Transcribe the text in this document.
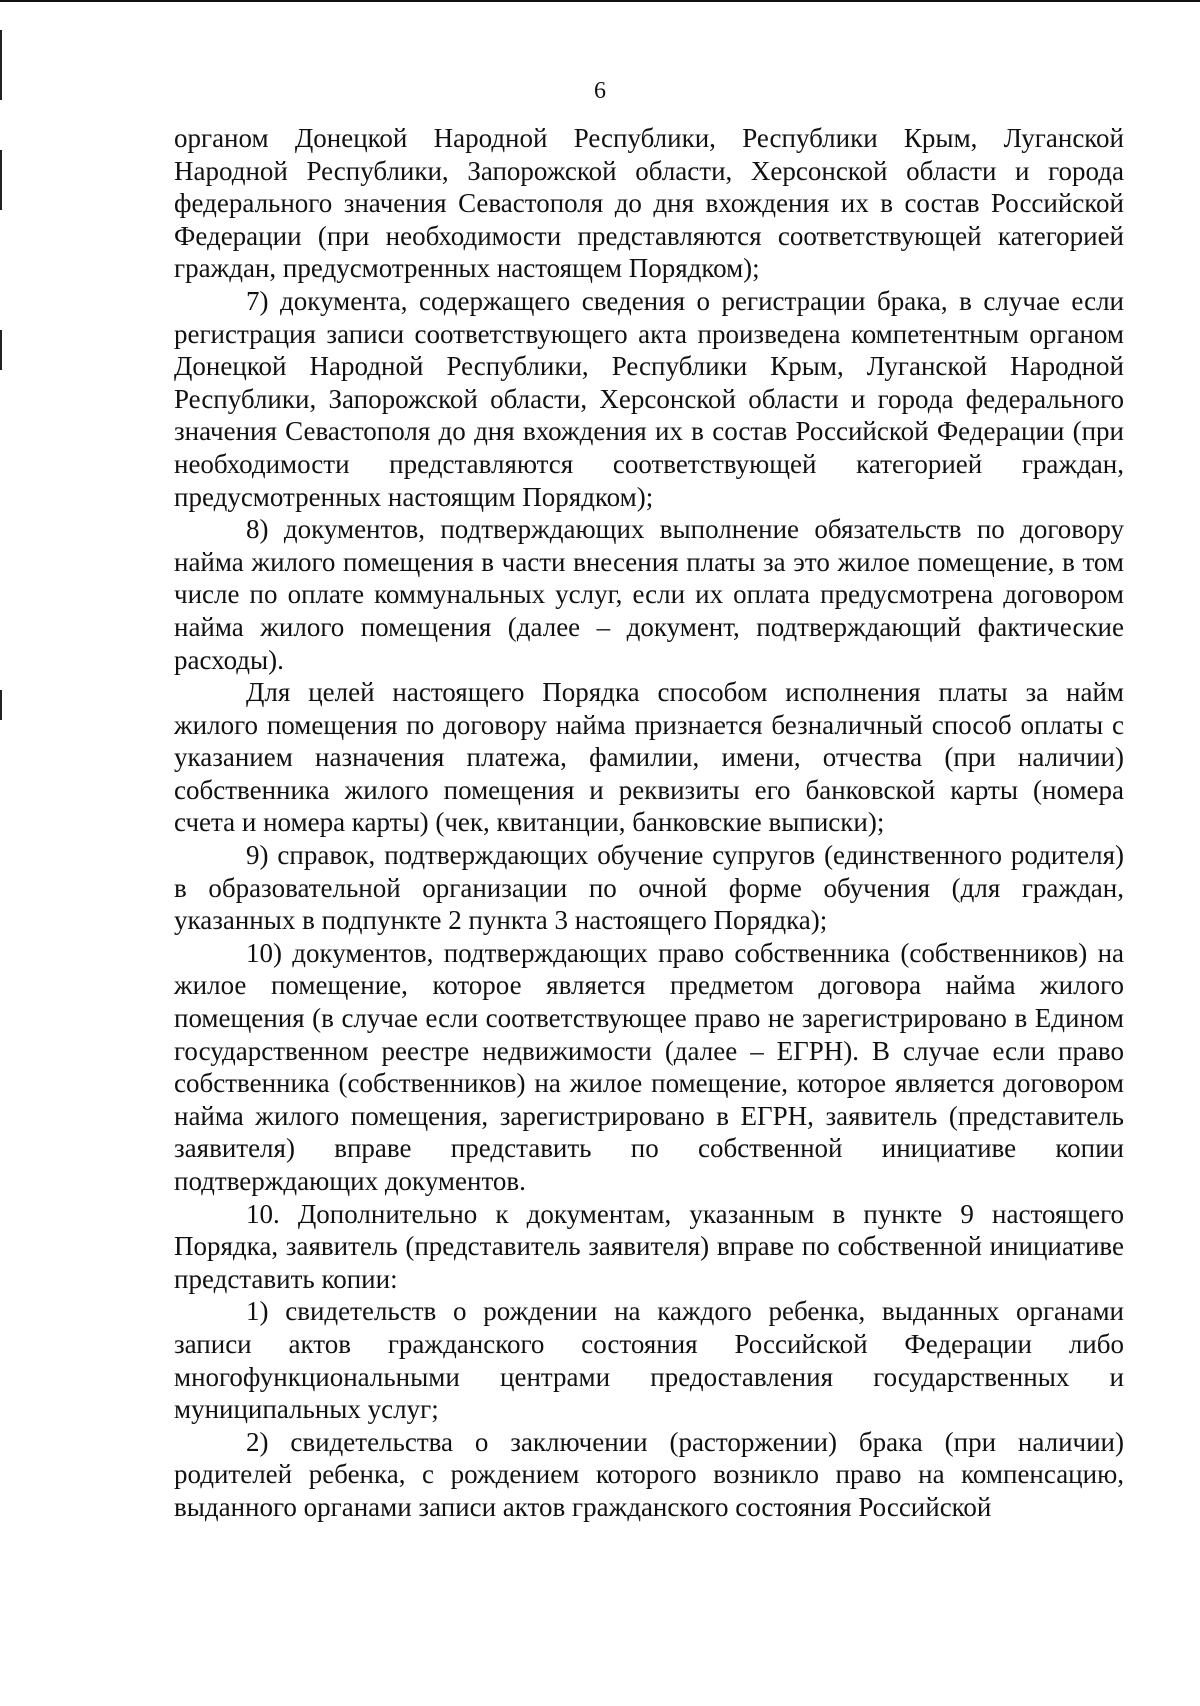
6

органом Донецкой Народной Республики, Республики Крым, Луганской Народной Республики, Запорожской области, Херсонской области и города федерального значения Севастополя до дня вхождения их в состав Российской Федерации (при необходимости представляются соответствующей категорией граждан, предусмотренных настоящем Порядком);

7) документа, содержащего сведения о регистрации брака, в случае если регистрация записи соответствующего акта произведена компетентным органом Донецкой Народной Республики, Республики Крым, Луганской Народной Республики, Запорожской области, Херсонской области и города федерального значения Севастополя до дня вхождения их в состав Российской Федерации (при необходимости представляются соответствующей категорией граждан, предусмотренных настоящим Порядком);

8) документов, подтверждающих выполнение обязательств по договору найма жилого помещения в части внесения платы за это жилое помещение, в том числе по оплате коммунальных услуг, если их оплата предусмотрена договором найма жилого помещения (далее – документ, подтверждающий фактические расходы).

Для целей настоящего Порядка способом исполнения платы за найм жилого помещения по договору найма признается безналичный способ оплаты с указанием назначения платежа, фамилии, имени, отчества (при наличии) собственника жилого помещения и реквизиты его банковской карты (номера счета и номера карты) (чек, квитанции, банковские выписки);

9) справок, подтверждающих обучение супругов (единственного родителя) в образовательной организации по очной форме обучения (для граждан, указанных в подпункте 2 пункта 3 настоящего Порядка);

10) документов, подтверждающих право собственника (собственников) на жилое помещение, которое является предметом договора найма жилого помещения (в случае если соответствующее право не зарегистрировано в Едином государственном реестре недвижимости (далее – ЕГРН). В случае если право собственника (собственников) на жилое помещение, которое является договором найма жилого помещения, зарегистрировано в ЕГРН, заявитель (представитель заявителя) вправе представить по собственной инициативе копии подтверждающих документов.

10. Дополнительно к документам, указанным в пункте 9 настоящего Порядка, заявитель (представитель заявителя) вправе по собственной инициативе представить копии:

1) свидетельств о рождении на каждого ребенка, выданных органами записи актов гражданского состояния Российской Федерации либо многофункциональными центрами предоставления государственных и муниципальных услуг;

2) свидетельства о заключении (расторжении) брака (при наличии) родителей ребенка, с рождением которого возникло право на компенсацию, выданного органами записи актов гражданского состояния Российской
